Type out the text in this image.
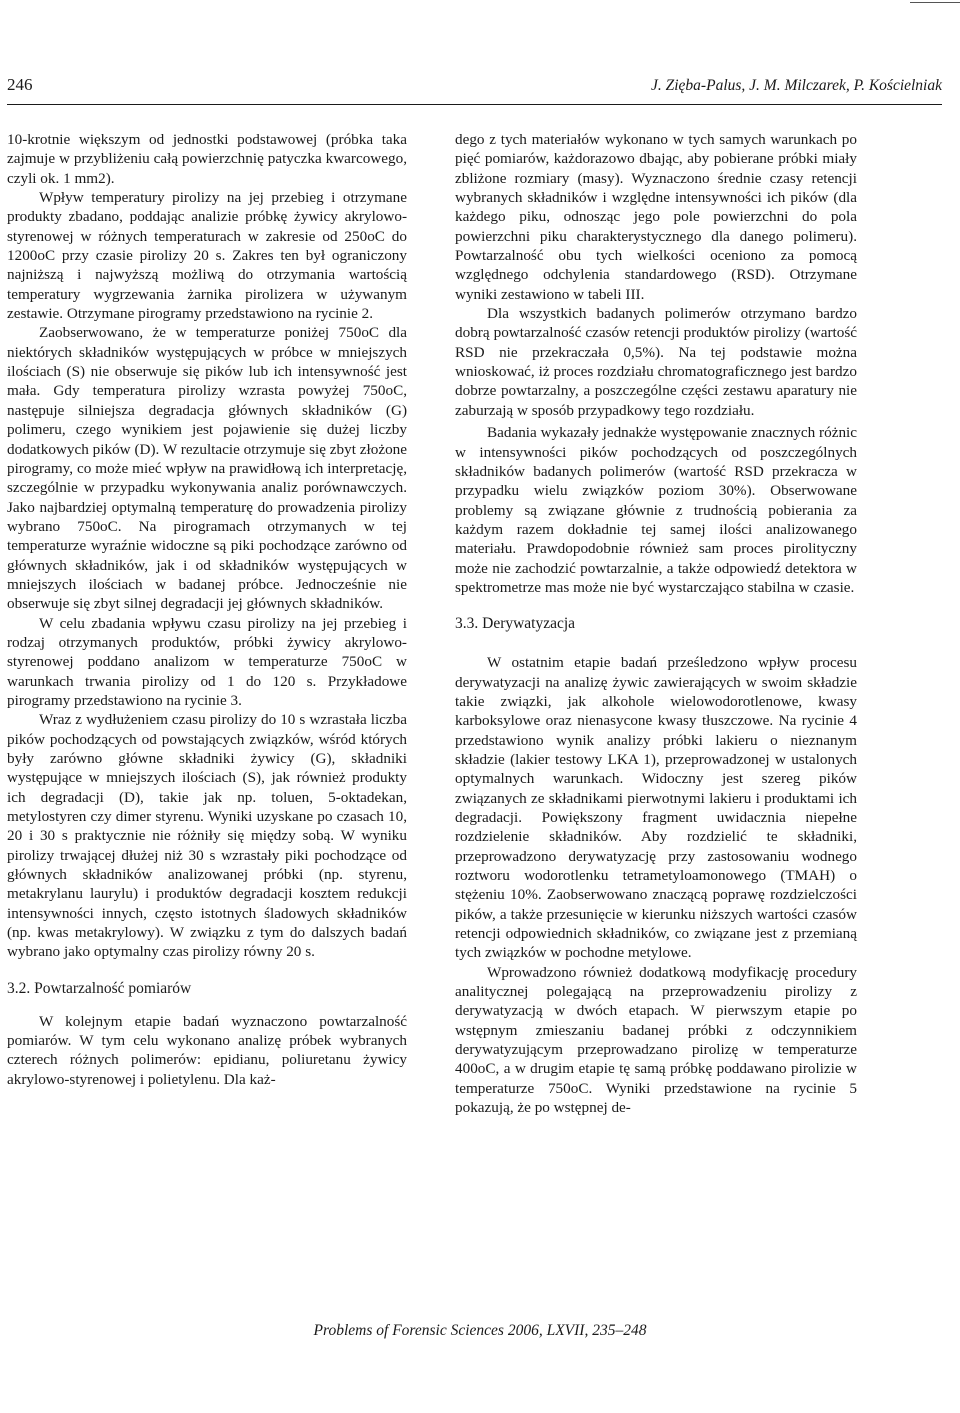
246	J. Zięba-Palus, J. M. Milczarek, P. Kościelniak

10-krotnie większym od jednostki podstawowej (próbka taka zajmuje w przybliżeniu całą powierzchnię patyczka kwarcowego, czyli ok. 1 mm2).

Wpływ temperatury pirolizy na jej przebieg i otrzymane produkty zbadano, poddając analizie próbkę żywicy akrylowo-styrenowej w różnych temperaturach w zakresie od 250oC do 1200oC przy czasie pirolizy 20 s. Zakres ten był ograniczony najniższą i najwyższą możliwą do otrzymania wartością temperatury wygrzewania żarnika pirolizera w używanym zestawie. Otrzymane pirogramy przedstawiono na rycinie 2.

Zaobserwowano, że w temperaturze poniżej 750oC dla niektórych składników występujących w próbce w mniejszych ilościach (S) nie obserwuje się pików lub ich intensywność jest mała. Gdy temperatura pirolizy wzrasta powyżej 750oC, następuje silniejsza degradacja głównych składników (G) polimeru, czego wynikiem jest pojawienie się dużej liczby dodatkowych pików (D). W rezultacie otrzymuje się zbyt złożone pirogramy, co może mieć wpływ na prawidłową ich interpretację, szczególnie w przypadku wykonywania analiz porównawczych. Jako najbardziej optymalną temperaturę do prowadzenia pirolizy wybrano 750oC. Na pirogramach otrzymanych w tej temperaturze wyraźnie widoczne są piki pochodzące zarówno od głównych składników, jak i od składników występujących w mniejszych ilościach w badanej próbce. Jednocześnie nie obserwuje się zbyt silnej degradacji jej głównych składników.

W celu zbadania wpływu czasu pirolizy na jej przebieg i rodzaj otrzymanych produktów, próbki żywicy akrylowo-styrenowej poddano analizom w temperaturze 750oC w warunkach trwania pirolizy od 1 do 120 s. Przykładowe pirogramy przedstawiono na rycinie 3.

Wraz z wydłużeniem czasu pirolizy do 10 s wzrastała liczba pików pochodzących od powstających związków, wśród których były zarówno główne składniki żywicy (G), składniki występujące w mniejszych ilościach (S), jak również produkty ich degradacji (D), takie jak np. toluen, 5-oktadekan, metylostyren czy dimer styrenu. Wyniki uzyskane po czasach 10, 20 i 30 s praktycznie nie różniły się między sobą. W wyniku pirolizy trwającej dłużej niż 30 s wzrastały piki pochodzące od głównych składników analizowanej próbki (np. styrenu, metakrylanu laurylu) i produktów degradacji kosztem redukcji intensywności innych, często istotnych śladowych składników (np. kwas metakrylowy). W związku z tym do dalszych badań wybrano jako optymalny czas pirolizy równy 20 s.

3.2. Powtarzalność pomiarów

W kolejnym etapie badań wyznaczono powtarzalność pomiarów. W tym celu wykonano analizę próbek wybranych czterech różnych polimerów: epidianu, poliuretanu żywicy akrylowo-styrenowej i polietylenu. Dla każ-

dego z tych materiałów wykonano w tych samych warunkach po pięć pomiarów, każdorazowo dbając, aby pobierane próbki miały zbliżone rozmiary (masy). Wyznaczono średnie czasy retencji wybranych składników i względne intensywności ich pików (dla każdego piku, odnosząc jego pole powierzchni do pola powierzchni piku charakterystycznego dla danego polimeru). Powtarzalność obu tych wielkości oceniono za pomocą względnego odchylenia standardowego (RSD). Otrzymane wyniki zestawiono w tabeli III.

Dla wszystkich badanych polimerów otrzymano bardzo dobrą powtarzalność czasów retencji produktów pirolizy (wartość RSD nie przekraczała 0,5%). Na tej podstawie można wnioskować, iż proces rozdziału chromatograficznego jest bardzo dobrze powtarzalny, a poszczególne części zestawu aparatury nie zaburzają w sposób przypadkowy tego rozdziału.

Badania wykazały jednakże występowanie znacznych różnic w intensywności pików pochodzących od poszczególnych składników badanych polimerów (wartość RSD przekracza w przypadku wielu związków poziom 30%). Obserwowane problemy są związane głównie z trudnością pobierania za każdym razem dokładnie tej samej ilości analizowanego materiału. Prawdopodobnie również sam proces pirolityczny może nie zachodzić powtarzalnie, a także odpowiedź detektora w spektrometrze mas może nie być wystarczająco stabilna w czasie.

3.3. Derywatyzacja

W ostatnim etapie badań prześledzono wpływ procesu derywatyzacji na analizę żywic zawierających w swoim składzie takie związki, jak alkohole wielowodorotlenowe, kwasy karboksylowe oraz nienasycone kwasy tłuszczowe. Na rycinie 4 przedstawiono wynik analizy próbki lakieru o nieznanym składzie (lakier testowy LKA 1), przeprowadzonej w ustalonych optymalnych warunkach. Widoczny jest szereg pików związanych ze składnikami pierwotnymi lakieru i produktami ich degradacji. Powiększony fragment uwidacznia niepełne rozdzielenie składników. Aby rozdzielić te składniki, przeprowadzono derywatyzację przy zastosowaniu wodnego roztworu wodorotlenku tetrametyloamonowego (TMAH) o stężeniu 10%. Zaobserwowano znaczącą poprawę rozdzielczości pików, a także przesunięcie w kierunku niższych wartości czasów retencji odpowiednich składników, co związane jest z przemianą tych związków w pochodne metylowe.

Wprowadzono również dodatkową modyfikację procedury analitycznej polegającą na przeprowadzeniu pirolizy z derywatyzacją w dwóch etapach. W pierwszym etapie po wstępnym zmieszaniu badanej próbki z odczynnikiem derywatyzującym przeprowadzano pirolizę w temperaturze 400oC, a w drugim etapie tę samą próbkę poddawano pirolizie w temperaturze 750oC. Wyniki przedstawione na rycinie 5 pokazują, że po wstępnej de-

Problems of Forensic Sciences 2006, LXVII, 235–248
